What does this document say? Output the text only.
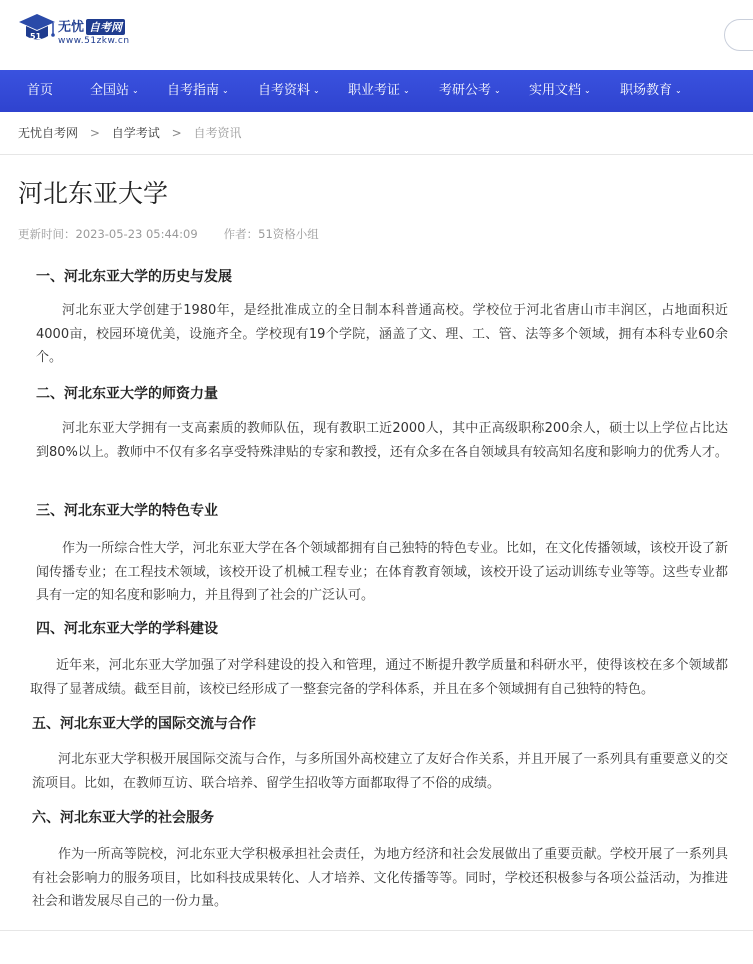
51
无忧 自考网
www.51zkw.cn
首页	全国站 ⌄ 自考指南 ⌄ 自考资料 ⌄ 职业考证 ⌄ 考研公考 ⌄ 实用文档 ⌄ 职场教育 ⌄
无忧自考网 > 自学考试 > 自考资讯
河北东亚大学
更新时间：2023-05-23 05:44:09 作者：51资格小组
一、河北东亚大学的历史与发展
河北东亚大学创建于1980年，是经批准成立的全日制本科普通高校。学校位于河北省唐山市丰润区，占地面积近4000亩，校园环境优美，设施齐全。学校现有19个学院，涵盖了文、理、工、管、法等多个领域，拥有本科专业60余个。
二、河北东亚大学的师资力量
河北东亚大学拥有一支高素质的教师队伍，现有教职工近2000人，其中正高级职称200余人，硕士以上学位占比达到80%以上。教师中不仅有多名享受特殊津贴的专家和教授，还有众多在各自领域具有较高知名度和影响力的优秀人才。
三、河北东亚大学的特色专业
作为一所综合性大学，河北东亚大学在各个领域都拥有自己独特的特色专业。比如，在文化传播领域，该校开设了新闻传播专业；在工程技术领域，该校开设了机械工程专业；在体育教育领域，该校开设了运动训练专业等等。这些专业都具有一定的知名度和影响力，并且得到了社会的广泛认可。
四、河北东亚大学的学科建设
近年来，河北东亚大学加强了对学科建设的投入和管理，通过不断提升教学质量和科研水平，使得该校在多个领域都取得了显著成绩。截至目前，该校已经形成了一整套完备的学科体系，并且在多个领域拥有自己独特的特色。
五、河北东亚大学的国际交流与合作
河北东亚大学积极开展国际交流与合作，与多所国外高校建立了友好合作关系，并且开展了一系列具有重要意义的交流项目。比如，在教师互访、联合培养、留学生招收等方面都取得了不俗的成绩。
六、河北东亚大学的社会服务
作为一所高等院校，河北东亚大学积极承担社会责任，为地方经济和社会发展做出了重要贡献。学校开展了一系列具有社会影响力的服务项目，比如科技成果转化、人才培养、文化传播等等。同时，学校还积极参与各项公益活动，为推进社会和谐发展尽自己的一份力量。
